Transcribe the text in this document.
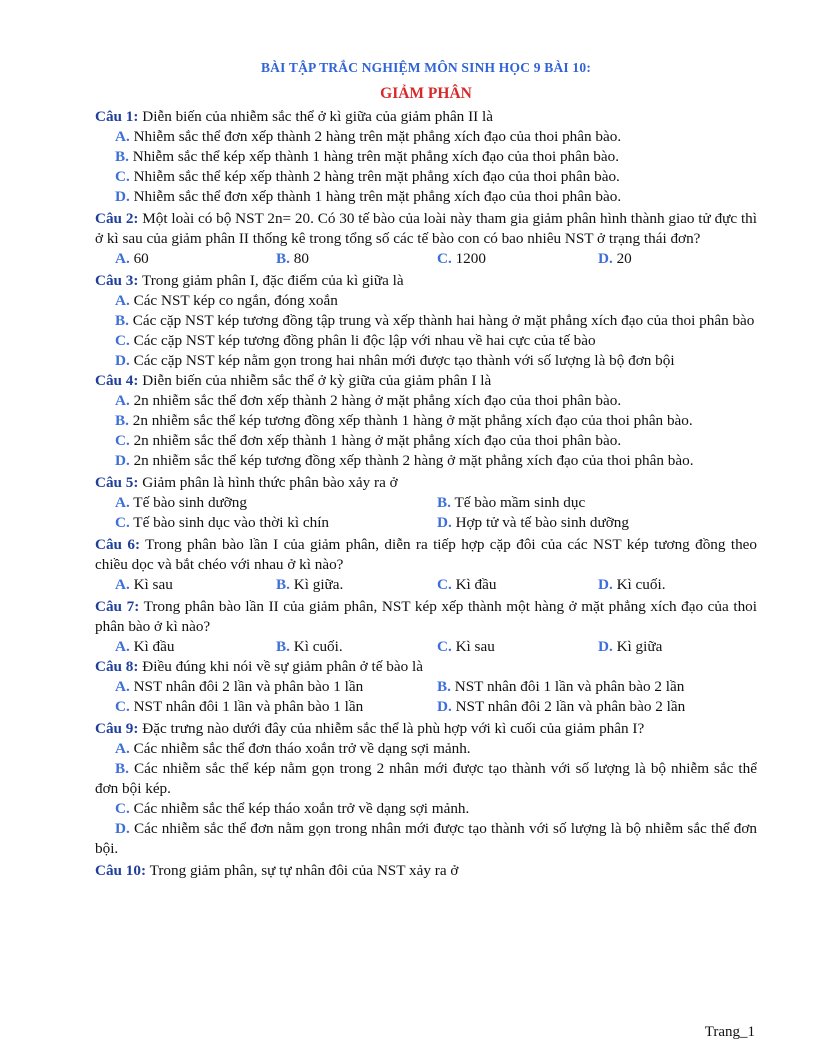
BÀI TẬP TRẮC NGHIỆM MÔN SINH HỌC 9 BÀI 10:
GIẢM PHÂN
Câu 1: Diễn biến của nhiễm sắc thể ở kì giữa của giảm phân II là
A. Nhiễm sắc thể đơn xếp thành 2 hàng trên mặt phẳng xích đạo của thoi phân bào.
B. Nhiễm sắc thể kép xếp thành 1 hàng trên mặt phẳng xích đạo của thoi phân bào.
C. Nhiễm sắc thể kép xếp thành 2 hàng trên mặt phẳng xích đạo của thoi phân bào.
D. Nhiễm sắc thể đơn xếp thành 1 hàng trên mặt phẳng xích đạo của thoi phân bào.
Câu 2: Một loài có bộ NST 2n= 20. Có 30 tế bào của loài này tham gia giảm phân hình thành giao tử đực thì ở kì sau của giảm phân II thống kê trong tổng số các tế bào con có bao nhiêu NST ở trạng thái đơn?
A. 60	B. 80	C. 1200	D. 20
Câu 3: Trong giảm phân I, đặc điểm của kì giữa là
A. Các NST kép co ngắn, đóng xoắn
B. Các cặp NST kép tương đồng tập trung và xếp thành hai hàng ở mặt phẳng xích đạo của thoi phân bào
C. Các cặp NST kép tương đồng phân li độc lập với nhau về hai cực của tế bào
D. Các cặp NST kép nằm gọn trong hai nhân mới được tạo thành với số lượng là bộ đơn bội
Câu 4: Diễn biến của nhiễm sắc thể ở kỳ giữa của giảm phân I là
A. 2n nhiễm sắc thể đơn xếp thành 2 hàng ở mặt phẳng xích đạo của thoi phân bào.
B. 2n nhiễm sắc thể kép tương đồng xếp thành 1 hàng ở mặt phẳng xích đạo của thoi phân bào.
C. 2n nhiễm sắc thể đơn xếp thành 1 hàng ở mặt phẳng xích đạo của thoi phân bào.
D. 2n nhiễm sắc thể kép tương đồng xếp thành 2 hàng ở mặt phẳng xích đạo của thoi phân bào.
Câu 5: Giảm phân là hình thức phân bào xảy ra ở
A. Tế bào sinh dưỡng	B. Tế bào mầm sinh dục
C. Tế bào sinh dục vào thời kì chín	D. Hợp tử và tế bào sinh dưỡng
Câu 6: Trong phân bào lần I của giảm phân, diễn ra tiếp hợp cặp đôi của các NST kép tương đồng theo chiều dọc và bắt chéo với nhau ở kì nào?
A. Kì sau	B. Kì giữa.	C. Kì đầu	D. Kì cuối.
Câu 7: Trong phân bào lần II của giảm phân, NST kép xếp thành một hàng ở mặt phẳng xích đạo của thoi phân bào ở kì nào?
A. Kì đầu	B. Kì cuối.	C. Kì sau	D. Kì giữa
Câu 8: Điều đúng khi nói về sự giảm phân ở tế bào là
A. NST nhân đôi 2 lần và phân bào 1 lần	B. NST nhân đôi 1 lần và phân bào 2 lần
C. NST nhân đôi 1 lần và phân bào 1 lần	D. NST nhân đôi 2 lần và phân bào 2 lần
Câu 9: Đặc trưng nào dưới đây của nhiễm sắc thể là phù hợp với kì cuối của giảm phân I?
A. Các nhiễm sắc thể đơn tháo xoắn trở về dạng sợi mảnh.
B. Các nhiễm sắc thể kép nằm gọn trong 2 nhân mới được tạo thành với số lượng là bộ nhiễm sắc thể đơn bội kép.
C. Các nhiễm sắc thể kép tháo xoắn trở về dạng sợi mảnh.
D. Các nhiễm sắc thể đơn nằm gọn trong nhân mới được tạo thành với số lượng là bộ nhiễm sắc thể đơn bội.
Câu 10: Trong giảm phân, sự tự nhân đôi của NST xảy ra ở
Trang_1
